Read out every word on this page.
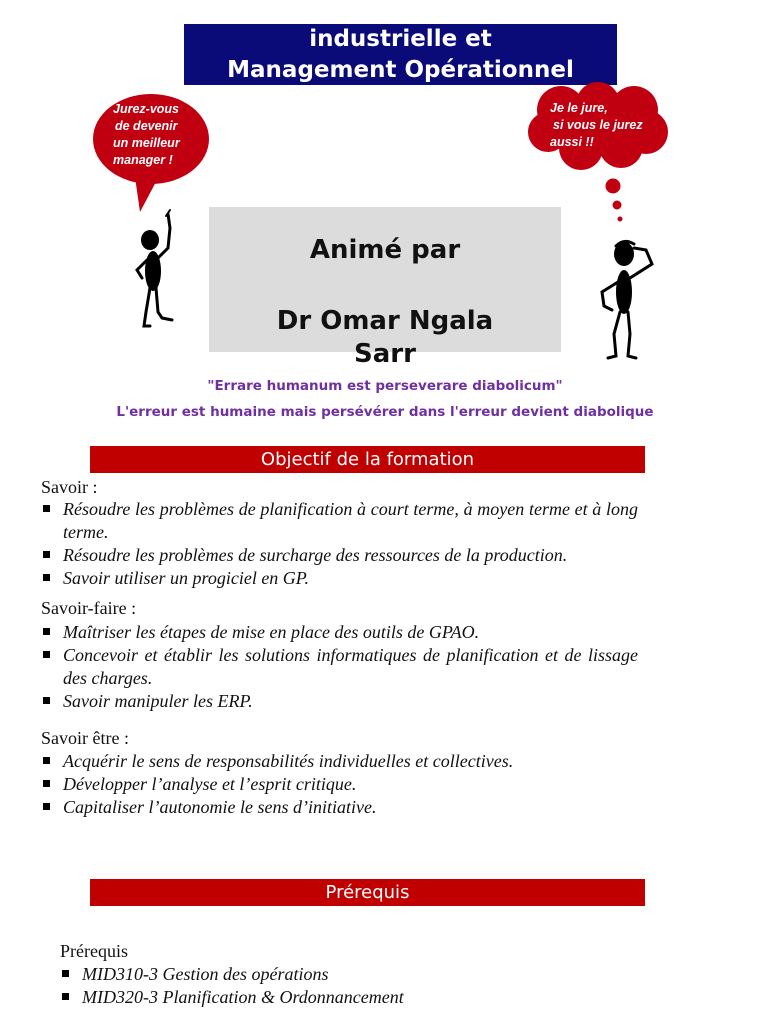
industrielle et
Management Opérationnel
Jurez-vous
de devenir
un meilleur
manager !
Je le jure,
si vous le jurez
aussi !!
Animé par
Dr Omar Ngala
Sarr
"Errare humanum est perseverare diabolicum"
L'erreur est humaine mais persévérer dans l'erreur devient diabolique
Objectif de la formation
Savoir :
Résoudre les problèmes de planification à court terme, à moyen terme et à long terme.
Résoudre les problèmes de surcharge des ressources de la production.
Savoir utiliser un progiciel en GP.
Savoir-faire :
Maîtriser les étapes de mise en place des outils de GPAO.
Concevoir et établir les solutions informatiques de planification et de lissage des charges.
Savoir manipuler les ERP.
Savoir être :
Acquérir le sens de responsabilités individuelles et collectives.
Développer l’analyse et l’esprit critique.
Capitaliser l’autonomie le sens d’initiative.
Prérequis
Prérequis
MID310-3 Gestion des opérations
MID320-3 Planification & Ordonnancement
